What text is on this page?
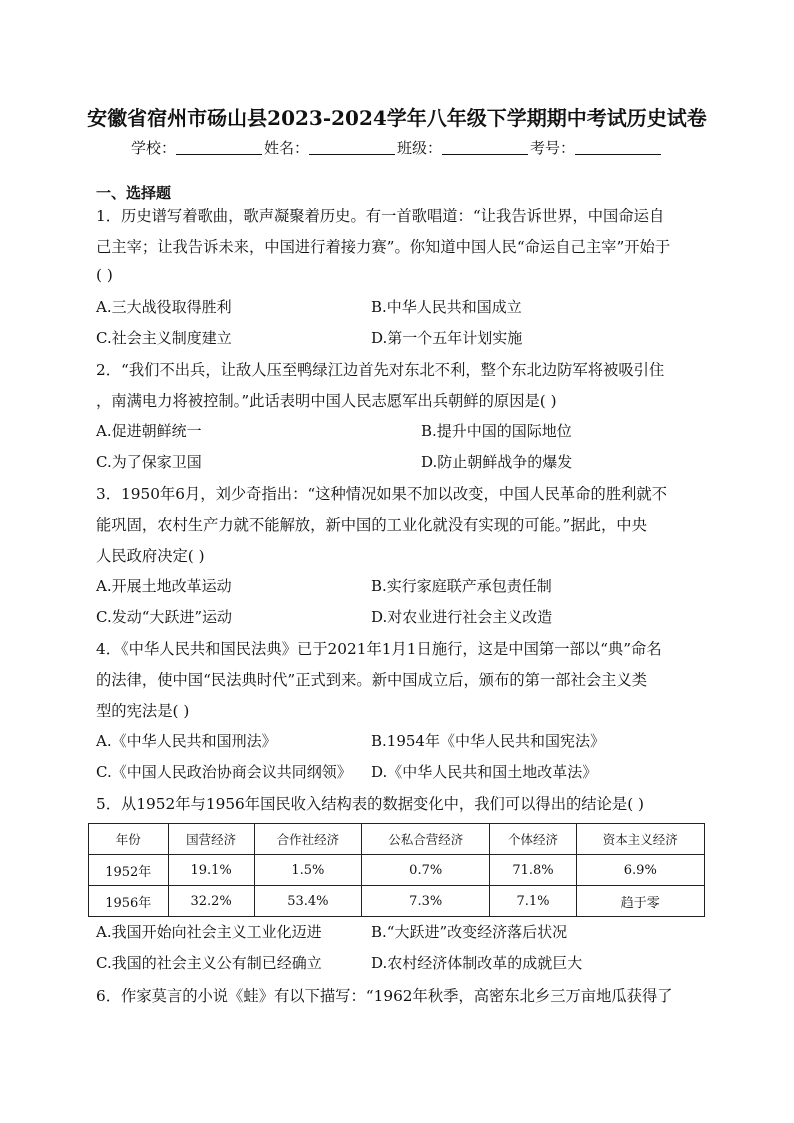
安徽省宿州市砀山县2023-2024学年八年级下学期期中考试历史试卷
学校：	姓名：	班级：	考号：
一、选择题
1．历史谱写着歌曲，歌声凝聚着历史。有一首歌唱道：“让我告诉世界，中国命运自
己主宰；让我告诉未来，中国进行着接力赛”。你知道中国人民“命运自己主宰”开始于
( )
A.三大战役取得胜利	B.中华人民共和国成立
C.社会主义制度建立	D.第一个五年计划实施
2．“我们不出兵，让敌人压至鸭绿江边首先对东北不利，整个东北边防军将被吸引住
，南满电力将被控制。”此话表明中国人民志愿军出兵朝鲜的原因是( )
A.促进朝鲜统一	B.提升中国的国际地位
C.为了保家卫国	D.防止朝鲜战争的爆发
3．1950年6月，刘少奇指出：“这种情况如果不加以改变，中国人民革命的胜利就不
能巩固，农村生产力就不能解放，新中国的工业化就没有实现的可能。”据此，中央
人民政府决定( )
A.开展土地改革运动	B.实行家庭联产承包责任制
C.发动“大跃进”运动	D.对农业进行社会主义改造
4．《中华人民共和国民法典》已于2021年1月1日施行，这是中国第一部以“典”命名
的法律，使中国“民法典时代”正式到来。新中国成立后，颁布的第一部社会主义类
型的宪法是( )
A.《中华人民共和国刑法》	B.1954年《中华人民共和国宪法》
C.《中国人民政治协商会议共同纲领》 D.《中华人民共和国土地改革法》
5．从1952年与1956年国民收入结构表的数据变化中，我们可以得出的结论是( )
年份	国营经济	合作社经济	公私合营经济	个体经济	资本主义经济
1952年	19.1%	1.5%	0.7%	71.8%	6.9%
1956年	32.2%	53.4%	7.3%	7.1%	趋于零
A.我国开始向社会主义工业化迈进	B.“大跃进”改变经济落后状况
C.我国的社会主义公有制已经确立	D.农村经济体制改革的成就巨大
6．作家莫言的小说《蛙》有以下描写：“1962年秋季，高密东北乡三万亩地瓜获得了
